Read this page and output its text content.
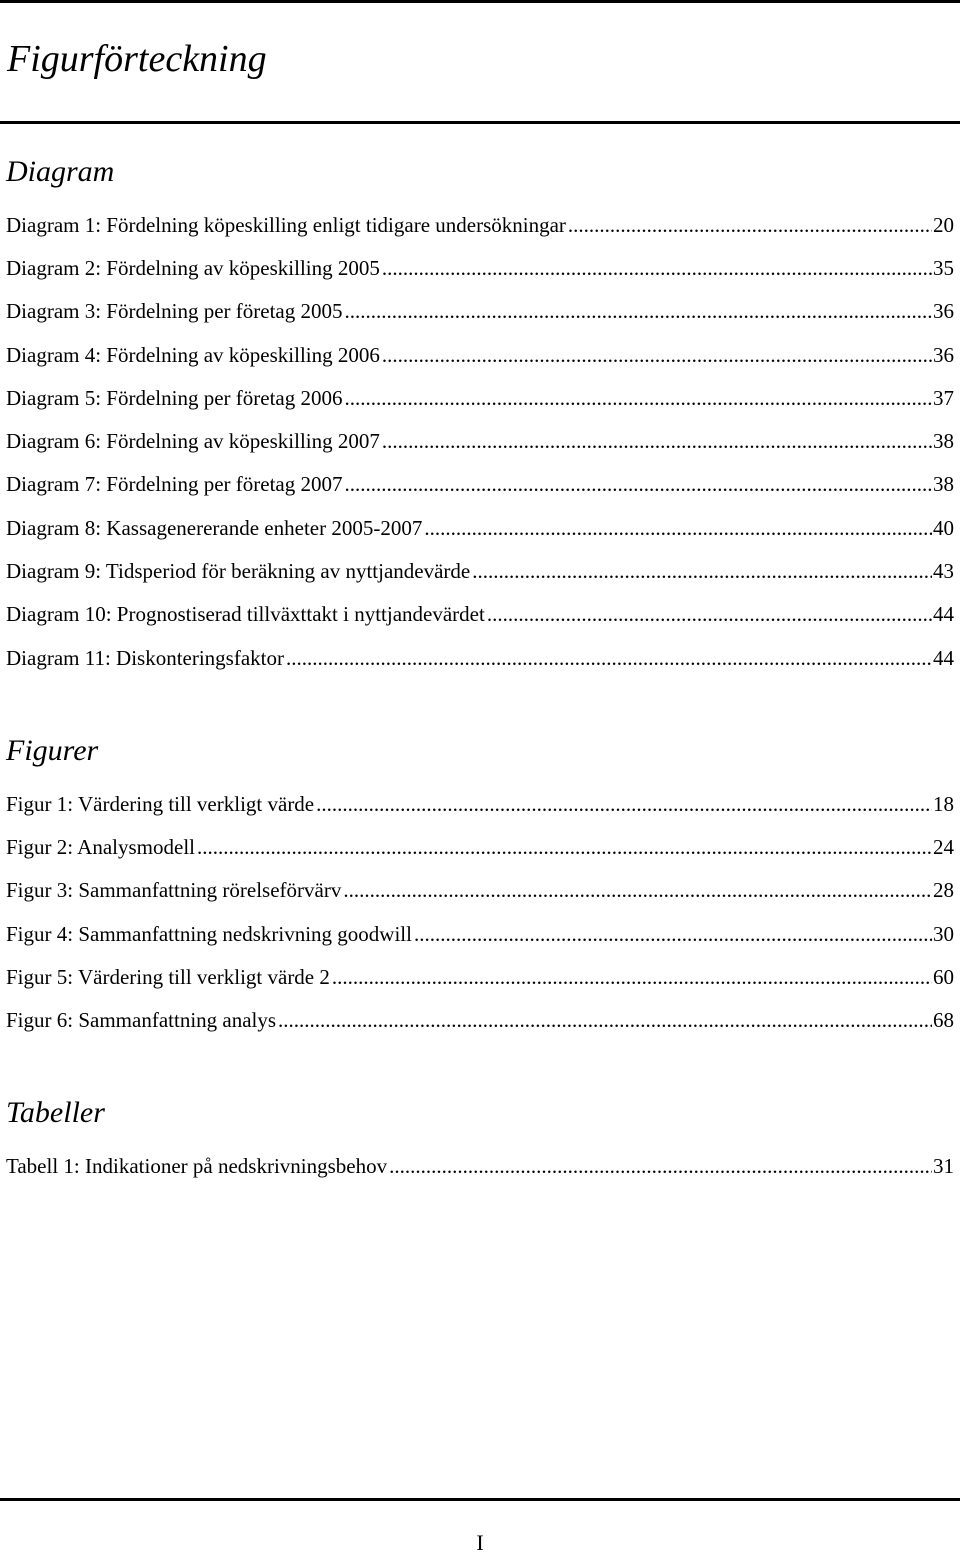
Figurförteckning
Diagram
Diagram 1: Fördelning köpeskilling enligt tidigare undersökningar .....	20
Diagram 2: Fördelning av köpeskilling 2005 .....	35
Diagram 3: Fördelning per företag 2005 .....	36
Diagram 4: Fördelning av köpeskilling 2006 .....	36
Diagram 5: Fördelning per företag 2006 .....	37
Diagram 6: Fördelning av köpeskilling 2007 .....	38
Diagram 7: Fördelning per företag 2007 .....	38
Diagram 8: Kassagenererande enheter 2005-2007 .....	40
Diagram 9: Tidsperiod för beräkning av nyttjandevärde .....	43
Diagram 10: Prognostiserad tillväxttakt i nyttjandevärdet .....	44
Diagram 11: Diskonteringsfaktor .....	44
Figurer
Figur 1: Värdering till verkligt värde .....	18
Figur 2: Analysmodell .....	24
Figur 3: Sammanfattning rörelseförvärv .....	28
Figur 4: Sammanfattning nedskrivning goodwill .....	30
Figur 5: Värdering till verkligt värde 2 .....	60
Figur 6: Sammanfattning analys .....	68
Tabeller
Tabell 1: Indikationer på nedskrivningsbehov .....	31
I
